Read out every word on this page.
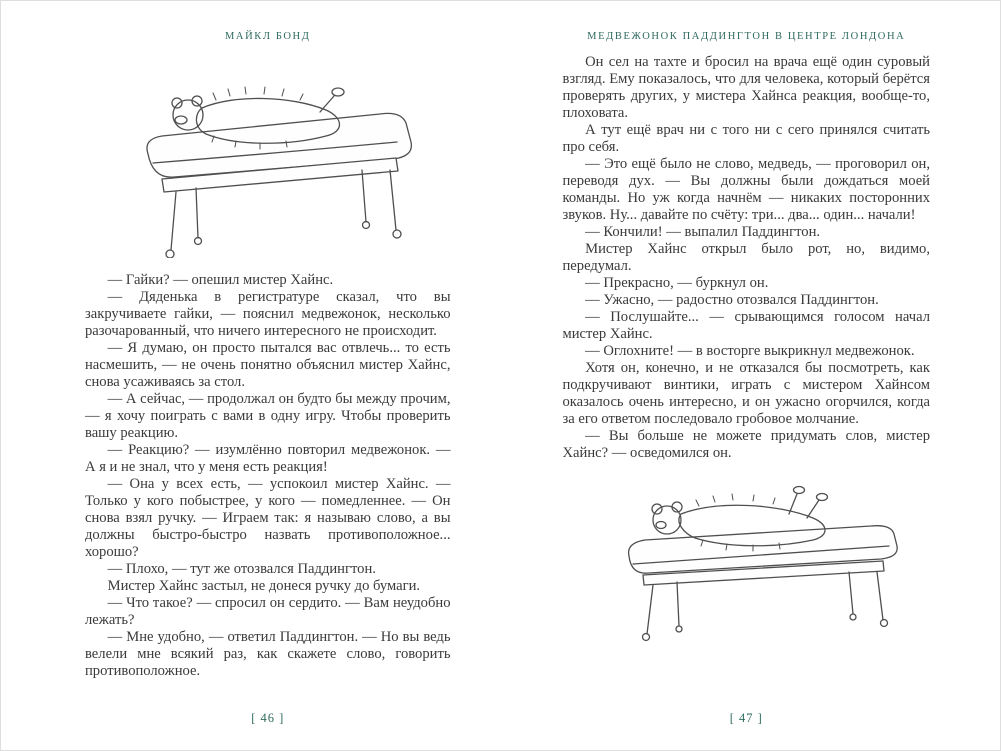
МАЙКЛ БОНД

— Гайки? — опешил мистер Хайнс.

— Дяденька в регистратуре сказал, что вы закручиваете гайки, — пояснил медвежонок, несколько разочарованный, что ничего интересного не происходит.

— Я думаю, он просто пытался вас отвлечь... то есть насмешить, — не очень понятно объяснил мистер Хайнс, снова усаживаясь за стол.

— А сейчас, — продолжал он будто бы между прочим, — я хочу поиграть с вами в одну игру. Чтобы проверить вашу реакцию.

— Реакцию? — изумлённо повторил медвежонок. — А я и не знал, что у меня есть реакция!

— Она у всех есть, — успокоил мистер Хайнс. — Только у кого побыстрее, у кого — помедленнее. — Он снова взял ручку. — Играем так: я называю слово, а вы должны быстро-быстро назвать противоположное... хорошо?

— Плохо, — тут же отозвался Паддингтон.

Мистер Хайнс застыл, не донеся ручку до бумаги.

— Что такое? — спросил он сердито. — Вам неудобно лежать?

— Мне удобно, — ответил Паддингтон. — Но вы ведь велели мне всякий раз, как скажете слово, говорить противоположное.

[ 46 ]
МЕДВЕЖОНОК ПАДДИНГТОН В ЦЕНТРЕ ЛОНДОНА

Он сел на тахте и бросил на врача ещё один суровый взгляд. Ему показалось, что для человека, который берётся проверять других, у мистера Хайнса реакция, вообще-то, плоховата.

А тут ещё врач ни с того ни с сего принялся считать про себя.

— Это ещё было не слово, медведь, — проговорил он, переводя дух. — Вы должны были дождаться моей команды. Но уж когда начнём — никаких посторонних звуков. Ну... давайте по счёту: три... два... один... начали!

— Кончили! — выпалил Паддингтон.

Мистер Хайнс открыл было рот, но, видимо, передумал.

— Прекрасно, — буркнул он.

— Ужасно, — радостно отозвался Паддингтон.

— Послушайте... — срывающимся голосом начал мистер Хайнс.

— Оглохните! — в восторге выкрикнул медвежонок.

Хотя он, конечно, и не отказался бы посмотреть, как подкручивают винтики, играть с мистером Хайнсом оказалось очень интересно, и он ужасно огорчился, когда за его ответом последовало гробовое молчание.

— Вы больше не можете придумать слов, мистер Хайнс? — осведомился он.

[ 47 ]
